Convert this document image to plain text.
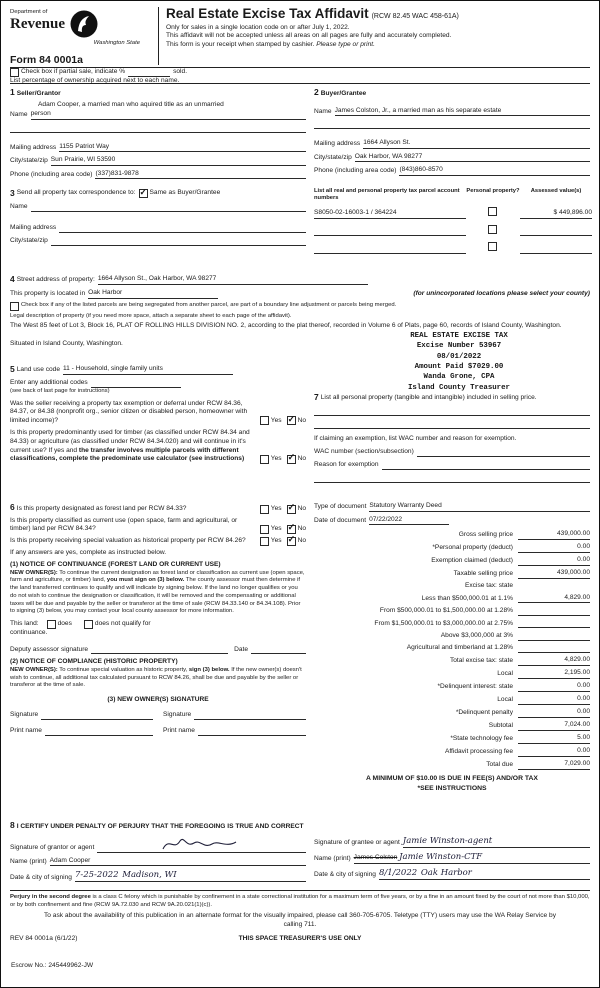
Department of
Revenue
Washington State
Form 84 0001a
Real Estate Excise Tax Affidavit (RCW 82.45 WAC 458-61A)
Only for sales in a single location code on or after July 1, 2022.
This affidavit will not be accepted unless all areas on all pages are fully and accurately completed.
This form is your receipt when stamped by cashier. Please type or print.
Check box if partial sale, indicate %	sold.
List percentage of ownership acquired next to each name.
1 Seller/Grantor
Adam Cooper, a married man who aquired title as an unmarried
Name person
Mailing address 1155 Patriot Way
City/state/zip Sun Prairie, WI 53590
Phone (including area code) (337)831-9878
2 Buyer/Grantee
Name James Colston, Jr., a married man as his separate estate
Mailing address 1664 Allyson St.
City/state/zip Oak Harbor, WA 98277
Phone (including area code) (843)860-8570
3 Send all property tax correspondence to: ✓ Same as Buyer/Grantee
Name
Mailing address
City/state/zip
List all real and personal property tax parcel account numbers
Personal property?	Assessed value(s)
S8050-02-16003-1 / 364224	$ 449,896.00
4 Street address of property: 1664 Allyson St., Oak Harbor, WA 98277
This property is located in Oak Harbor	(for unincorporated locations please select your county)
Check box if any of the listed parcels are being segregated from another parcel, are part of a boundary line adjustment or parcels being merged.
Legal description of property (if you need more space, attach a separate sheet to each page of the affidavit).
The West 85 feet of Lot 3, Block 16, PLAT OF ROLLING HILLS DIVISION NO. 2, according to the plat thereof, recorded in Volume 6 of Plats, page 60, records of Island County, Washington.
Situated in Island County, Washington.
REAL ESTATE EXCISE TAX
Excise Number 53967
08/01/2022
Amount Paid $7029.00
Wanda Grone, CPA
Island County Treasurer
5 Land use code 11 - Household, single family units
Enter any additional codes
(see back of last page for instructions)
Was the seller receiving a property tax exemption or deferral under RCW 84.36, 84.37, or 84.38 (nonprofit org., senior citizen or disabled person, homeowner with limited income)?	Yes ✓ No
Is this property predominantly used for timber (as classified under RCW 84.34 and 84.33) or agriculture (as classified under RCW 84.34.020) and will continue in it's current use? If yes and the transfer involves multiple parcels with different classifications, complete the predominate use calculator (see instructions)	Yes ✓ No
7 List all personal property (tangible and intangible) included in selling price.
If claiming an exemption, list WAC number and reason for exemption.
WAC number (section/subsection)
Reason for exemption
6 Is this property designated as forest land per RCW 84.33?	Yes ✓ No
Is this property classified as current use (open space, farm and agricultural, or timber) land per RCW 84.34?	Yes ✓ No
Is this property receiving special valuation as historical property per RCW 84.26?	Yes ✓ No
If any answers are yes, complete as instructed below.
(1) NOTICE OF CONTINUANCE (FOREST LAND OR CURRENT USE)
NEW OWNER(S): To continue the current designation as forest land or classification as current use (open space, farm and agriculture, or timber) land, you must sign on (3) below. The county assessor must then determine if the land transferred continues to qualify and will indicate by signing below. If the land no longer qualifies or you do not wish to continue the designation or classification, it will be removed and the compensating or additional taxes will be due and payable by the seller or transferor at the time of sale (RCW 84.33.140 or 84.34.108). Prior to signing (3) below, you may contact your local county assessor for more information.
This land:	does	does not qualify for
continuance.
Deputy assessor signature	Date
(2) NOTICE OF COMPLIANCE (HISTORIC PROPERTY)
NEW OWNER(S): To continue special valuation as historic property, sign (3) below. If the new owner(s) doesn't wish to continue, all additional tax calculated pursuant to RCW 84.26, shall be due and payable by the seller or transferor at the time of sale.
(3) NEW OWNER(S) SIGNATURE
Signature	Signature
Print name	Print name
Type of document Statutory Warranty Deed
Date of document 07/22/2022
Gross selling price	439,000.00
*Personal property (deduct)	0.00
Exemption claimed (deduct)	0.00
Taxable selling price	439,000.00
Excise tax: state
Less than $500,000.01 at 1.1%	4,829.00
From $500,000.01 to $1,500,000.00 at 1.28%
From $1,500,000.01 to $3,000,000.00 at 2.75%
Above $3,000,000 at 3%
Agricultural and timberland at 1.28%
Total excise tax: state	4,829.00
Local	2,195.00
*Delinquent interest: state	0.00
Local	0.00
*Delinquent penalty	0.00
Subtotal	7,024.00
*State technology fee	5.00
Affidavit processing fee	0.00
Total due	7,029.00
A MINIMUM OF $10.00 IS DUE IN FEE(S) AND/OR TAX
*SEE INSTRUCTIONS
8 I CERTIFY UNDER PENALTY OF PERJURY THAT THE FOREGOING IS TRUE AND CORRECT
Signature of grantor or agent
Name (print) Adam Cooper
Date & city of signing 7-25-2022 Madison, WI
Signature of grantee or agent Jamie Winston-agent
Name (print) James Colston Jamie Winston-CTF
Date & city of signing 8/1/2022 Oak Harbor
Perjury in the second degree is a class C felony which is punishable by confinement in a state correctional institution for a maximum term of five years, or by a fine in an amount fixed by the court of not more than $10,000, or by both confinement and fine (RCW 9A.72.030 and RCW 9A.20.021(1)(c)).
To ask about the availability of this publication in an alternate format for the visually impaired, please call 360-705-6705. Teletype (TTY) users may use the WA Relay Service by calling 711.
REV 84 0001a (6/1/22)	THIS SPACE TREASURER'S USE ONLY
Escrow No.: 245449962-JW
